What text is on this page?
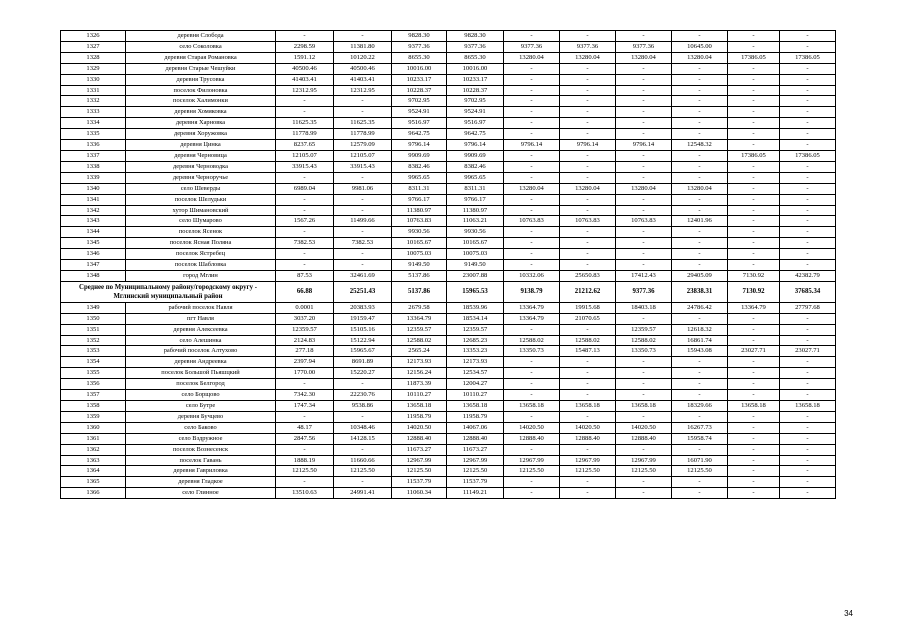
1326	деревня Слобода	-	-	9828.30	9828.30	-	-	-	-	-	-
1327	село Соколовка	2298.59	11381.80	9377.36	9377.36	9377.36	9377.36	9377.36	10645.00	-	-
1328	деревня Старая Романовка	1591.12	10120.22	8655.30	8655.30	13280.04	13280.04	13280.04	13280.04	17386.05	17386.05
1329	деревня Старые Чешуйки	40500.46	40500.46	10016.00	10016.00	-	-	-	-	-	-
1330	деревня Трусовка	41403.41	41403.41	10233.17	10233.17	-	-	-	-	-	-
1331	поселок Филоновка	12312.95	12312.95	10228.37	10228.37	-	-	-	-	-	-
1332	поселок Халимонки	-	-	9702.95	9702.95	-	-	-	-	-	-
1333	деревня Хомяковка	-	-	9524.91	9524.91	-	-	-	-	-	-
1334	деревня Харновка	11625.35	11625.35	9516.97	9516.97	-	-	-	-	-	-
1335	деревня Хоружовка	11778.99	11778.99	9642.75	9642.75	-	-	-	-	-	-
1336	деревня Цинка	8237.65	12579.09	9796.14	9796.14	9796.14	9796.14	9796.14	12548.32	-	-
1337	деревня Черновица	12105.07	12105.07	9909.69	9909.69	-	-	-	-	17386.05	17386.05
1338	деревня Черноводка	33915.43	33915.43	8382.46	8382.46	-	-	-	-	-	-
1339	деревня Черноручье	-	-	9965.65	9965.65	-	-	-	-	-	-
1340	село Шеверды	6989.04	9981.06	8311.31	8311.31	13280.04	13280.04	13280.04	13280.04	-	-
1341	поселок Шелудьки	-	-	9766.17	9766.17	-	-	-	-	-	-
1342	хутор Шимановский	-	-	11380.97	11380.97	-	-	-	-	-	-
1343	село Шумарово	1567.26	11499.66	10763.83	11063.21	10763.83	10763.83	10763.83	12401.96	-	-
1344	поселок Ясенок	-	-	9930.56	9930.56	-	-	-	-	-	-
1345	поселок Ясная Поляна	7382.53	7382.53	10165.67	10165.67	-	-	-	-	-	-
1346	поселок Ястребец	-	-	10075.03	10075.03	-	-	-	-	-	-
1347	поселок Шабловка	-	-	9149.50	9149.50	-	-	-	-	-	-
1348	город Мглин	87.53	32461.69	5137.86	23007.88	10332.06	25650.83	17412.43	29405.09	7130.92	42382.79
Среднее по Муниципальному району/городскому округу - Мглинский муниципальный район		66.88	25251.43	5137.86	15965.53	9138.79	21212.62	9377.36	23838.31	7130.92	37685.34
1349	рабочий поселок Навля	0.0001	20383.93	2679.58	18539.96	13364.79	19915.68	18403.18	24786.42	13364.79	27797.68
1350	пгт Навля	3037.20	19159.47	13364.79	18534.14	13364.79	21070.65	-	-	-	-
1351	деревня Алексеевка	12359.57	15105.16	12359.57	12359.57	-	-	12359.57	12618.32	-	-
1352	село Алешинка	2124.83	15122.94	12588.02	12685.23	12588.02	12588.02	12588.02	16861.74	-	-
1353	рабочий поселок Алтухово	277.18	15965.67	2565.24	13353.23	13350.73	15487.13	13350.73	15943.08	23027.71	23027.71
1354	деревня Андреевка	2397.94	8691.89	12173.93	12173.93	-	-	-	-	-	-
1355	поселок Большой Пьяшцкий	1770.00	15220.27	12156.24	12534.57	-	-	-	-	-	-
1356	поселок Белгород	-	-	11873.39	12004.27	-	-	-	-	-	-
1357	село Борщово	7342.30	22230.76	10110.27	10110.27	-	-	-	-	-	-
1358	село Бутре	1747.34	9538.86	13658.18	13658.18	13658.18	13658.18	13658.18	18329.66	13658.18	13658.18
1359	деревня Бучцево	-	-	11958.79	11958.79	-	-	-	-	-	-
1360	село Баково	48.17	10348.46	14020.50	14067.06	14020.50	14020.50	14020.50	16267.73	-	-
1361	село Вздружное	2847.56	14128.15	12888.40	12888.40	12888.40	12888.40	12888.40	15958.74	-	-
1362	поселок Вознесенск	-	-	11673.27	11673.27	-	-	-	-	-	-
1363	поселок Гавань	1888.19	11660.66	12967.99	12967.99	12967.99	12967.99	12967.99	16071.90	-	-
1364	деревня Гавриловка	12125.50	12125.50	12125.50	12125.50	12125.50	12125.50	12125.50	12125.50	-	-
1365	деревня Гладкое	-	-	11537.79	11537.79	-	-	-	-	-	-
1366	село Глинное	13510.63	24991.41	11060.34	11149.21	-	-	-	-	-	-
34
